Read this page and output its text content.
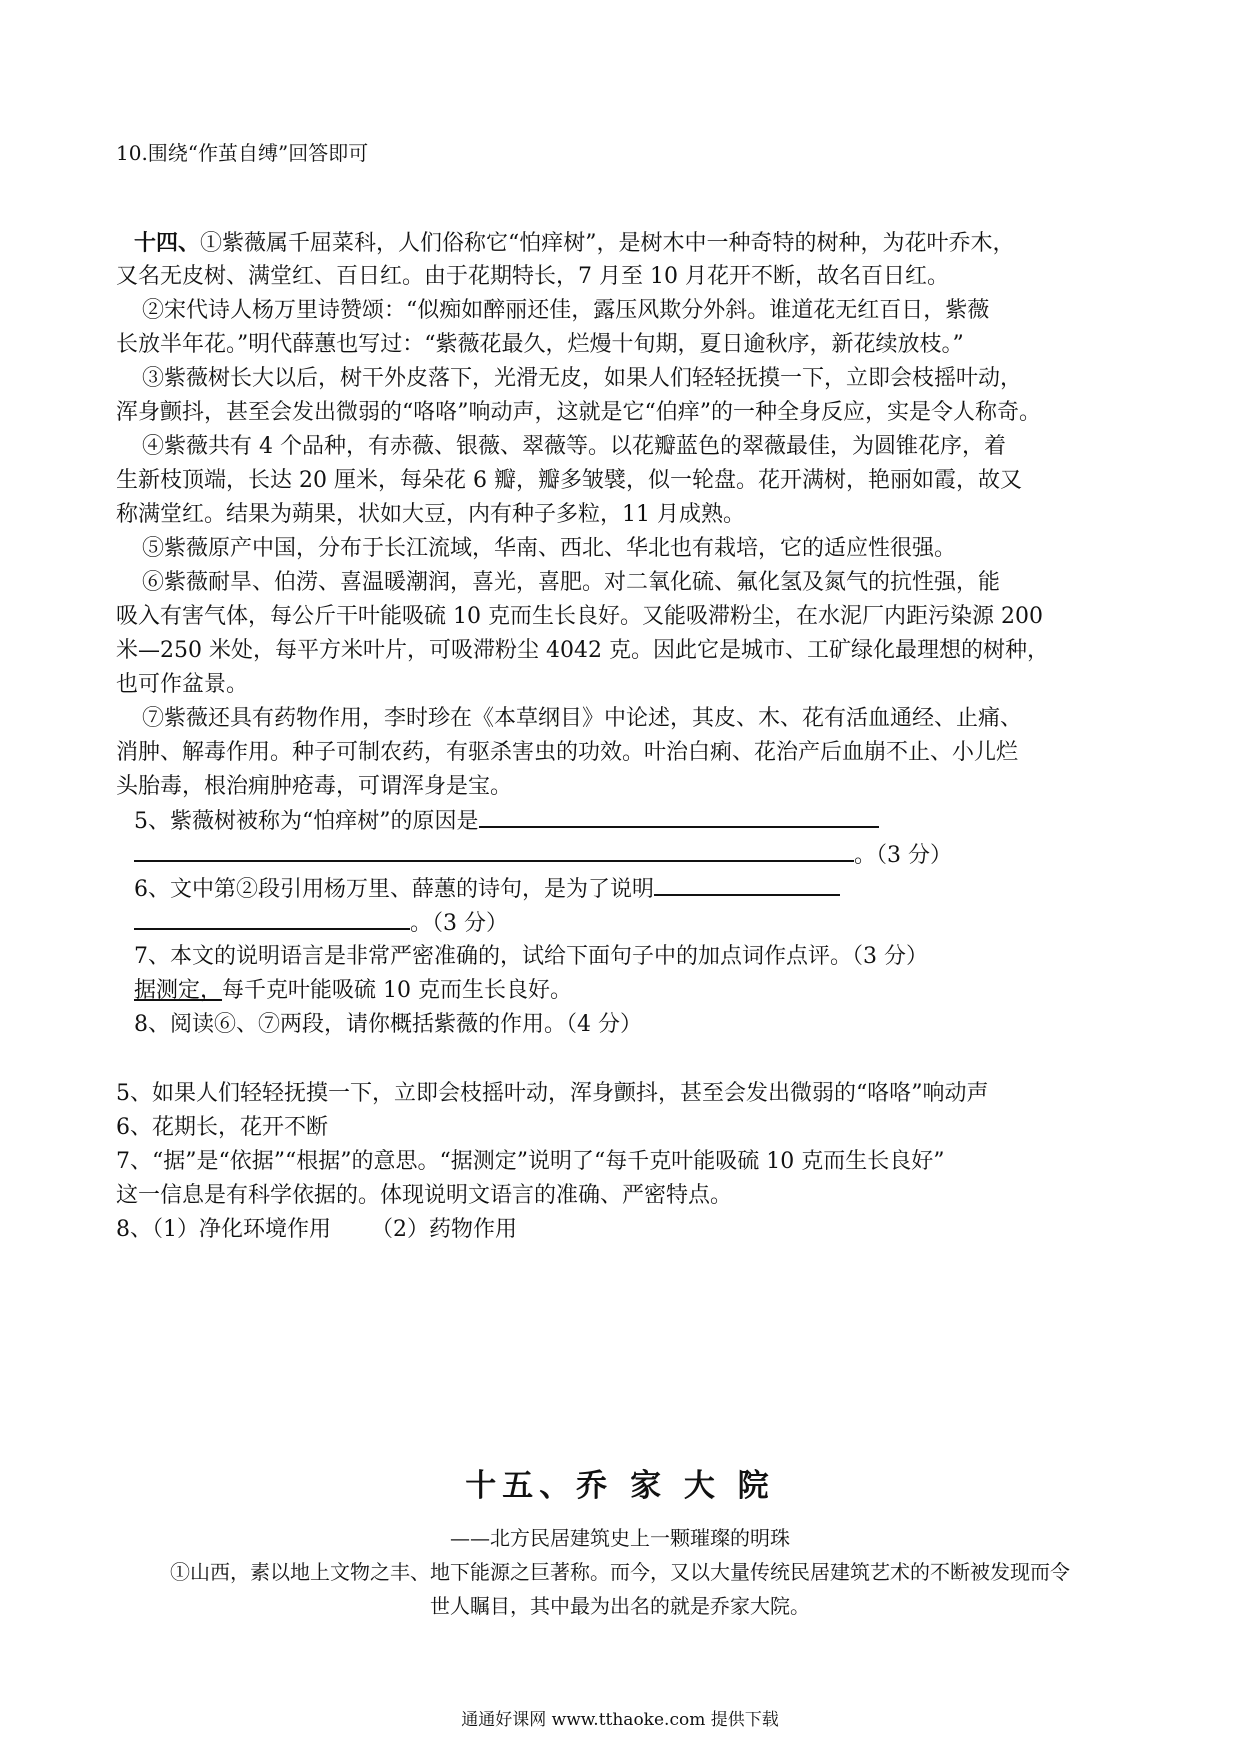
10.围绕“作茧自缚”回答即可
十四、①紫薇属千屈菜科，人们俗称它“怕痒树”，是树木中一种奇特的树种，为花叶乔木，
又名无皮树、满堂红、百日红。由于花期特长，7 月至 10 月花开不断，故名百日红。
②宋代诗人杨万里诗赞颂：“似痴如醉丽还佳，露压风欺分外斜。谁道花无红百日，紫薇
长放半年花。”明代薛蕙也写过：“紫薇花最久，烂熳十旬期，夏日逾秋序，新花续放枝。”
③紫薇树长大以后，树干外皮落下，光滑无皮，如果人们轻轻抚摸一下，立即会枝摇叶动，
浑身颤抖，甚至会发出微弱的“咯咯”响动声，这就是它“伯痒”的一种全身反应，实是令人称奇。
④紫薇共有 4 个品种，有赤薇、银薇、翠薇等。以花瓣蓝色的翠薇最佳，为圆锥花序，着
生新枝顶端，长达 20 厘米，每朵花 6 瓣，瓣多皱襞，似一轮盘。花开满树，艳丽如霞，故又
称满堂红。结果为蒴果，状如大豆，内有种子多粒，11 月成熟。
⑤紫薇原产中国，分布于长江流域，华南、西北、华北也有栽培，它的适应性很强。
⑥紫薇耐旱、伯涝、喜温暖潮润，喜光，喜肥。对二氧化硫、氟化氢及氮气的抗性强，能
吸入有害气体，每公斤干叶能吸硫 10 克而生长良好。又能吸滞粉尘，在水泥厂内距污染源 200
米—250 米处，每平方米叶片，可吸滞粉尘 4042 克。因此它是城市、工矿绿化最理想的树种，
也可作盆景。
⑦紫薇还具有药物作用，李时珍在《本草纲目》中论述，其皮、木、花有活血通经、止痛、
消肿、解毒作用。种子可制农药，有驱杀害虫的功效。叶治白痢、花治产后血崩不止、小儿烂
头胎毒，根治痈肿疮毒，可谓浑身是宝。
5、紫薇树被称为“怕痒树”的原因是
。（3 分）
6、文中第②段引用杨万里、薛蕙的诗句，是为了说明
。（3 分）
7、本文的说明语言是非常严密准确的，试给下面句子中的加点词作点评。（3 分）
据测定，每千克叶能吸硫 10 克而生长良好。
8、阅读⑥、⑦两段，请你概括紫薇的作用。（4 分）
5、如果人们轻轻抚摸一下，立即会枝摇叶动，浑身颤抖，甚至会发出微弱的“咯咯”响动声
6、花期长，花开不断
7、“据”是“依据”“根据”的意思。“据测定”说明了“每千克叶能吸硫 10 克而生长良好”
这一信息是有科学依据的。体现说明文语言的准确、严密特点。
8、（1）净化环境作用 　　（2）药物作用
十五、乔 家 大 院
——北方民居建筑史上一颗璀璨的明珠
①山西，素以地上文物之丰、地下能源之巨著称。而今，又以大量传统民居建筑艺术的不断被发现而令
世人瞩目，其中最为出名的就是乔家大院。
通通好课网 www.tthaoke.com 提供下载
